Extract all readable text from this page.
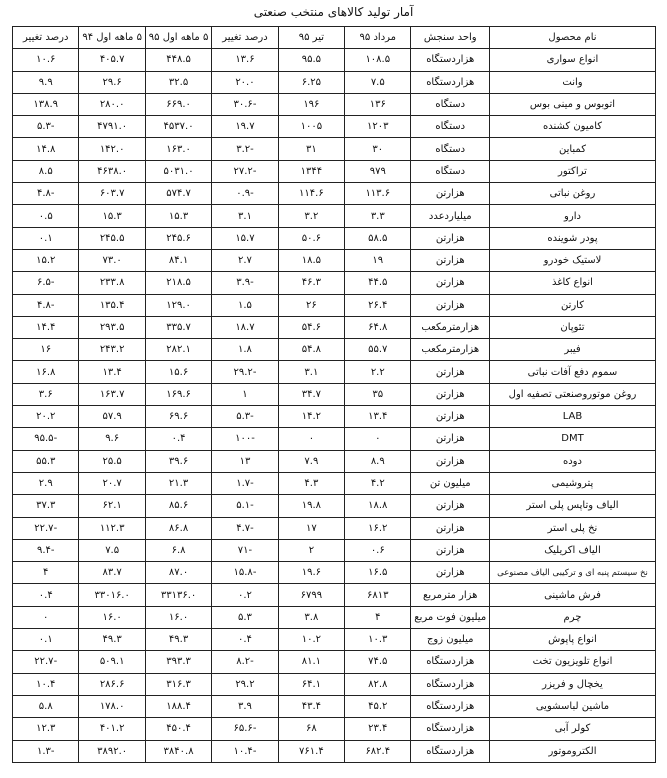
آمار تولید کالاهای منتخب صنعتی
نام محصول	واحد سنجش	مرداد ۹۵	تیر ۹۵	درصد تغییر	۵ ماهه اول ۹۵	۵ ماهه اول ۹۴	درصد تغییر
انواع سواری	هزاردستگاه	۱۰۸.۵	۹۵.۵	۱۳.۶	۴۴۸.۵	۴۰۵.۷	۱۰.۶
وانت	هزاردستگاه	۷.۵	۶.۲۵	۲۰.۰	۳۲.۵	۲۹.۶	۹.۹
اتوبوس و مینی بوس	دستگاه	۱۳۶	۱۹۶	-۳۰.۶	۶۶۹.۰	۲۸۰.۰	۱۳۸.۹
کامیون کشنده	دستگاه	۱۲۰۳	۱۰۰۵	۱۹.۷	۴۵۳۷.۰	۴۷۹۱.۰	-۵.۳
کمباین	دستگاه	۳۰	۳۱	-۳.۲	۱۶۳.۰	۱۴۲.۰	۱۴.۸
تراکتور	دستگاه	۹۷۹	۱۳۴۴	-۲۷.۲	۵۰۳۱.۰	۴۶۳۸.۰	۸.۵
روغن نباتی	هزارتن	۱۱۳.۶	۱۱۴.۶	-۰.۹	۵۷۴.۷	۶۰۳.۷	-۴.۸
دارو	میلیاردعدد	۳.۳	۳.۲	۳.۱	۱۵.۳	۱۵.۳	۰.۵
پودر شوینده	هزارتن	۵۸.۵	۵۰.۶	۱۵.۷	۲۴۵.۶	۲۴۵.۵	۰.۱
لاستیک خودرو	هزارتن	۱۹	۱۸.۵	۲.۷	۸۴.۱	۷۳.۰	۱۵.۲
انواع کاغذ	هزارتن	۴۴.۵	۴۶.۳	-۳.۹	۲۱۸.۵	۲۳۳.۸	-۶.۵
کارتن	هزارتن	۲۶.۴	۲۶	۱.۵	۱۲۹.۰	۱۳۵.۴	-۴.۸
تئوپان	هزارمترمکعب	۶۴.۸	۵۴.۶	۱۸.۷	۳۳۵.۷	۲۹۳.۵	۱۴.۴
فیبر	هزارمترمکعب	۵۵.۷	۵۴.۸	۱.۸	۲۸۲.۱	۲۴۳.۲	۱۶
سموم دفع آفات نباتی	هزارتن	۲.۲	۳.۱	-۲۹.۲	۱۵.۶	۱۳.۴	۱۶.۸
روغن موتوروصنعتی تصفیه اول	هزارتن	۳۵	۳۴.۷	۱	۱۶۹.۶	۱۶۳.۷	۳.۶
LAB	هزارتن	۱۳.۴	۱۴.۲	-۵.۳	۶۹.۶	۵۷.۹	۲۰.۲
DMT	هزارتن	۰	۰	-۱۰۰	۰.۴	۹.۶	-۹۵.۵
دوده	هزارتن	۸.۹	۷.۹	۱۳	۳۹.۶	۲۵.۵	۵۵.۳
پتروشیمی	میلیون تن	۴.۲	۴.۳	-۱.۷	۲۱.۳	۲۰.۷	۲.۹
الیاف وتاپس پلی استر	هزارتن	۱۸.۸	۱۹.۸	-۵.۱	۸۵.۶	۶۲.۱	۳۷.۳
نخ پلی استر	هزارتن	۱۶.۲	۱۷	-۴.۷	۸۶.۸	۱۱۲.۳	-۲۲.۷
الیاف اکریلیک	هزارتن	۰.۶	۲	-۷۱	۶.۸	۷.۵	-۹.۴
نخ سیستم پنبه ای و ترکیبی الیاف مصنوعی	هزارتن	۱۶.۵	۱۹.۶	-۱۵.۸	۸۷.۰	۸۳.۷	۴
فرش ماشینی	هزار مترمربع	۶۸۱۳	۶۷۹۹	۰.۲	۳۳۱۳۶.۰	۳۳۰۱۶.۰	۰.۴
چرم	میلیون فوت مربع	۴	۳.۸	۵.۳	۱۶.۰	۱۶.۰	۰
انواع پاپوش	میلیون زوج	۱۰.۳	۱۰.۲	۰.۴	۴۹.۳	۴۹.۳	۰.۱
انواع تلویزیون تخت	هزاردستگاه	۷۴.۵	۸۱.۱	-۸.۲	۳۹۳.۳	۵۰۹.۱	-۲۲.۷
یخچال و فریزر	هزاردستگاه	۸۲.۸	۶۴.۱	۲۹.۲	۳۱۶.۳	۲۸۶.۶	۱۰.۴
ماشین لباسشویی	هزاردستگاه	۴۵.۲	۴۳.۴	۳.۹	۱۸۸.۴	۱۷۸.۰	۵.۸
کولر آبی	هزاردستگاه	۲۳.۴	۶۸	-۶۵.۶	۴۵۰.۴	۴۰۱.۲	۱۲.۳
الکتروموتور	هزاردستگاه	۶۸۲.۴	۷۶۱.۴	-۱۰.۴	۳۸۴۰.۸	۳۸۹۲.۰	-۱.۳
